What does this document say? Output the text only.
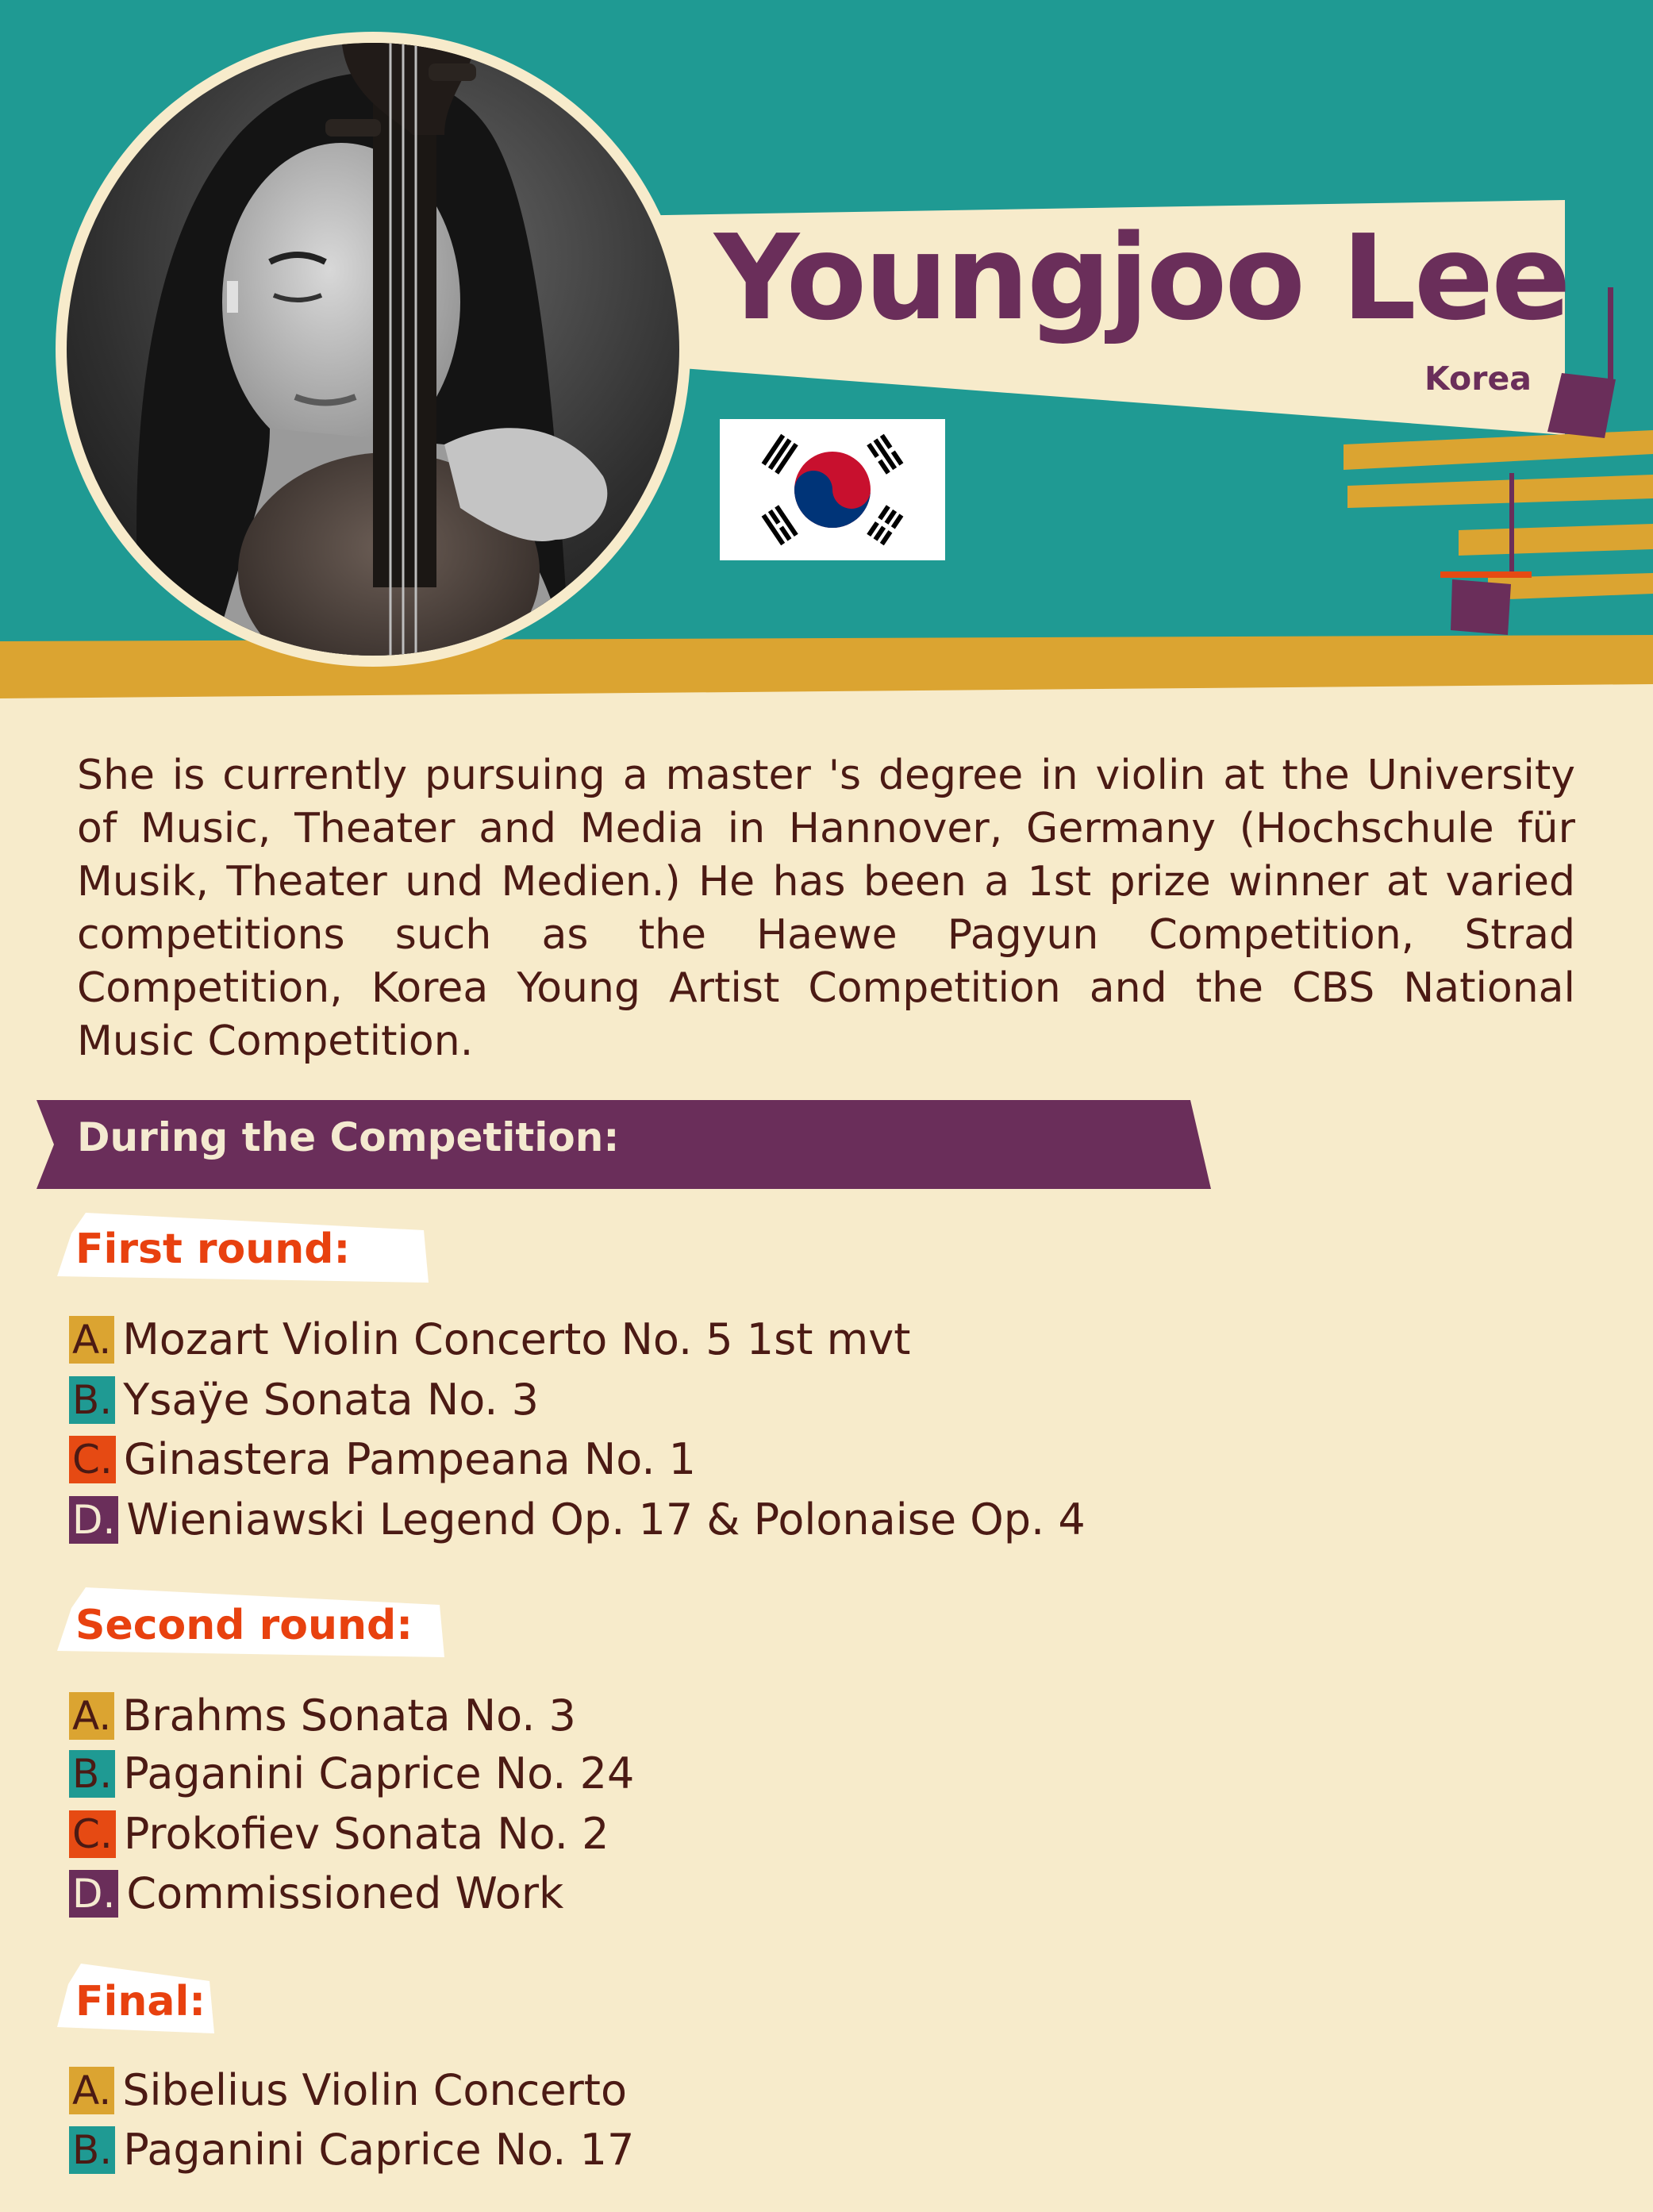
Youngjoo Lee
Korea
She is currently pursuing a master 's degree in violin at the University of Music, Theater and Media in Hannover, Germany (Hochschule für Musik, Theater und Medien.) He has been a 1st prize winner at varied competitions such as the Haewe Pagyun Competition, Strad Competition, Korea Young Artist Competition and the CBS National Music Competition.
During the Competition:
First round:
A. Mozart Violin Concerto No. 5 1st mvt
B. Ysaÿe Sonata No. 3
C. Ginastera Pampeana No. 1
D. Wieniawski Legend Op. 17 & Polonaise Op. 4
Second round:
A. Brahms Sonata No. 3
B. Paganini Caprice No. 24
C. Prokofiev Sonata No. 2
D. Commissioned Work
Final:
A. Sibelius Violin Concerto
B. Paganini Caprice No. 17
